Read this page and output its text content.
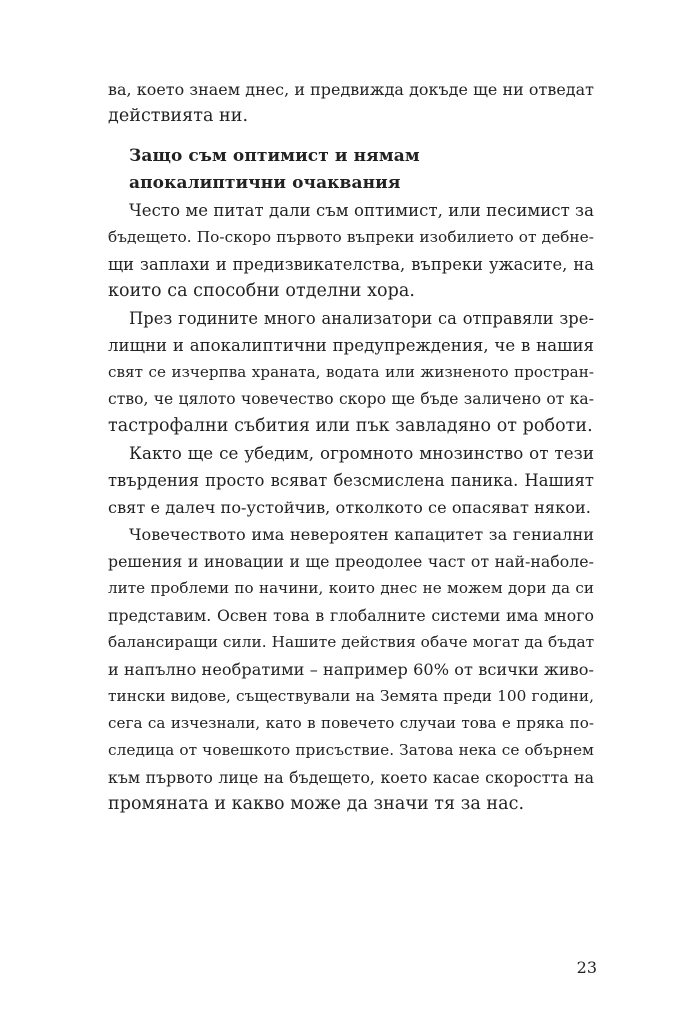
ва, което знаем днес, и предвижда докъде ще ни отведат
действията ни.
Защо съм оптимист и нямам
апокалиптични очаквания
Често ме питат дали съм оптимист, или песимист за
бъдещето. По-скоро първото въпреки изобилието от дебне-
щи заплахи и предизвикателства, въпреки ужасите, на
които са способни отделни хора.
През годините много анализатори са отправяли зре-
лищни и апокалиптични предупреждения, че в нашия
свят се изчерпва храната, водата или жизненото простран-
ство, че цялото човечество скоро ще бъде заличено от ка-
тастрофални събития или пък завладяно от роботи.
Както ще се убедим, огромното мнозинство от тези
твърдения просто всяват безсмислена паника. Нашият
свят е далеч по-устойчив, отколкото се опасяват някои.
Човечеството има невероятен капацитет за гениални
решения и иновации и ще преодолее част от най-наболе-
лите проблеми по начини, които днес не можем дори да си
представим. Освен това в глобалните системи има много
балансиращи сили. Нашите действия обаче могат да бъдат
и напълно необратими – например 60% от всички живо-
тински видове, съществували на Земята преди 100 години,
сега са изчезнали, като в повечето случаи това е пряка по-
следица от човешкото присъствие. Затова нека се обърнем
към първото лице на бъдещето, което касае скоростта на
промяната и какво може да значи тя за нас.
23
